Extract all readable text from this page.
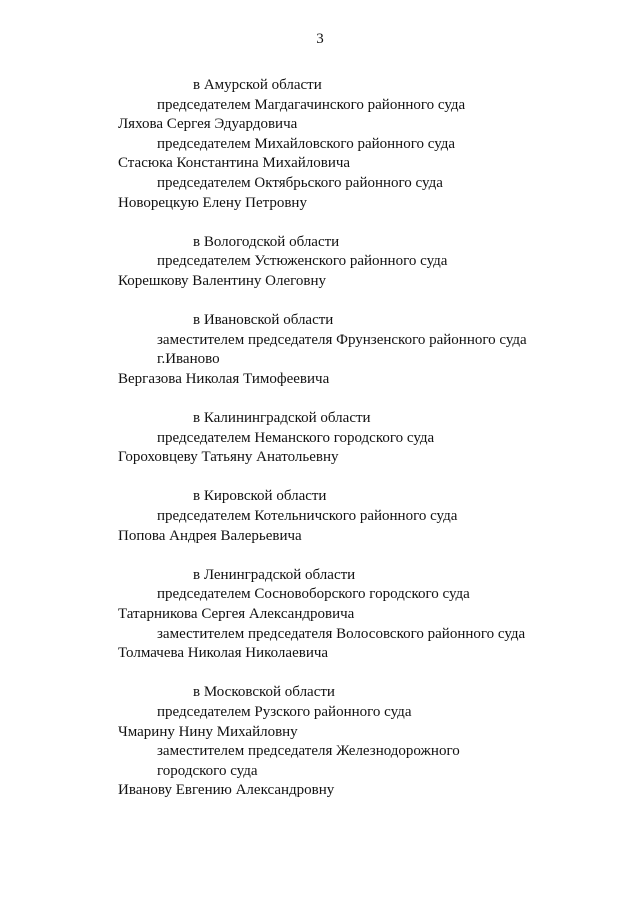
3
в Амурской области
председателем Магдагачинского районного суда
Ляхова Сергея Эдуардовича
председателем Михайловского районного суда
Стасюка Константина Михайловича
председателем Октябрьского районного суда
Новорецкую Елену Петровну
в Вологодской области
председателем Устюженского районного суда
Корешкову Валентину Олеговну
в Ивановской области
заместителем председателя Фрунзенского районного суда
г.Иваново
Вергазова Николая Тимофеевича
в Калининградской области
председателем Неманского городского суда
Гороховцеву Татьяну Анатольевну
в Кировской области
председателем Котельничского районного суда
Попова Андрея Валерьевича
в Ленинградской области
председателем Сосновоборского городского суда
Татарникова Сергея Александровича
заместителем председателя Волосовского районного суда
Толмачева Николая Николаевича
в Московской области
председателем Рузского районного суда
Чмарину Нину Михайловну
заместителем председателя Железнодорожного
городского суда
Иванову Евгению Александровну
